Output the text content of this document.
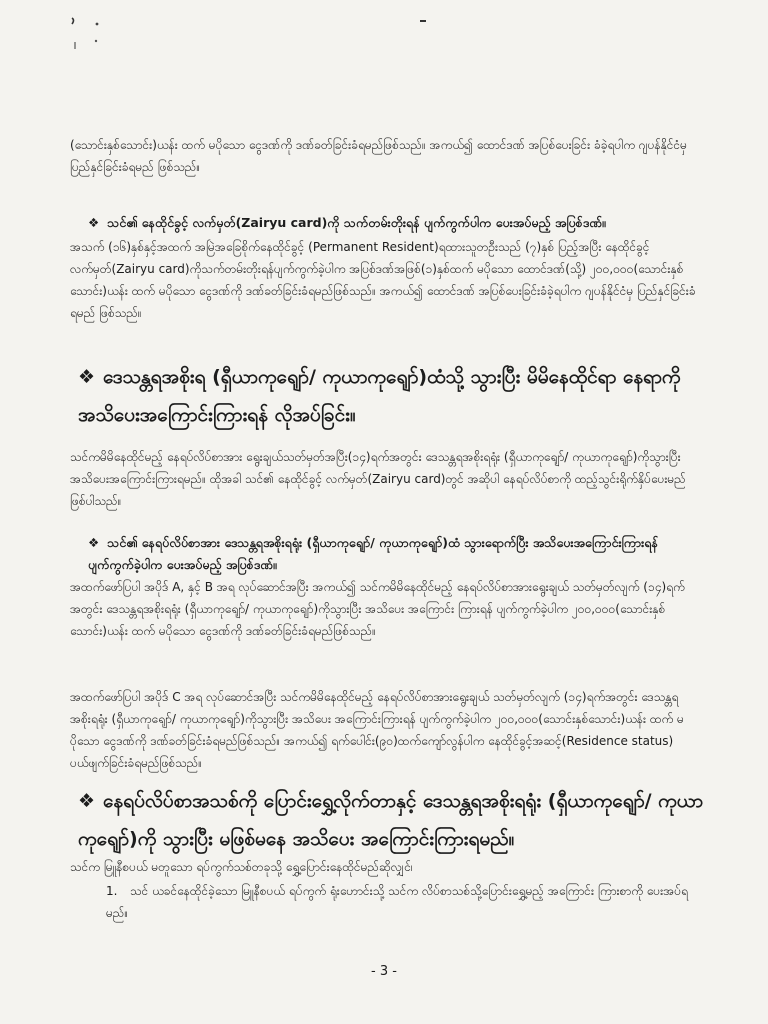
(သောင်းနှစ်သောင်း)ယန်း ထက် မပိုသော ငွေဒဏ်ကို ဒဏ်ခတ်ခြင်းခံရမည်ဖြစ်သည်။ အကယ်၍ ထောင်ဒဏ် အပြစ်ပေးခြင်း ခံခဲ့ရပါက ဂျပန်နိုင်ငံမှ ပြည်နှင်ခြင်းခံရမည် ဖြစ်သည်။

❖ သင်၏ နေထိုင်ခွင့် လက်မှတ်(Zairyu card)ကို သက်တမ်းတိုးရန် ပျက်ကွက်ပါက ပေးအပ်မည့် အပြစ်ဒဏ်။

အသက် (၁၆)နှစ်နှင့်အထက် အမြဲအခြေစိုက်နေထိုင်ခွင့် (Permanent Resident)ရထားသူတဦးသည် (၇)နှစ် ပြည့်အပြီး နေထိုင်ခွင့် လက်မှတ်(Zairyu card)ကိုသက်တမ်းတိုးရန်ပျက်ကွက်ခဲ့ပါက အပြစ်ဒဏ်အဖြစ်(၁)နှစ်ထက် မပိုသော ထောင်ဒဏ်(သို့) ၂၀၀,၀၀၀(သောင်းနှစ်သောင်း)ယန်း ထက် မပိုသော ငွေဒဏ်ကို ဒဏ်ခတ်ခြင်းခံရမည်ဖြစ်သည်။ အကယ်၍ ထောင်ဒဏ် အပြစ်ပေးခြင်းခံခဲ့ရပါက ဂျပန်နိုင်ငံမှ ပြည်နှင်ခြင်းခံရမည် ဖြစ်သည်။

❖ ဒေသန္တရအစိုးရ (ရှီယာကုရျော်/ ကုယာကုရျော်)ထံသို့ သွားပြီး မိမိနေထိုင်ရာ နေရာကို အသိပေးအကြောင်းကြားရန် လိုအပ်ခြင်း။

သင်ကမိမိနေထိုင်မည့် နေရပ်လိပ်စာအား ရွေးချယ်သတ်မှတ်အပြီး(၁၄)ရက်အတွင်း ဒေသန္တရအစိုးရရုံး (ရှီယာကုရျော်/ ကုယာကုရျော်)ကိုသွားပြီး အသိပေးအကြောင်းကြားရမည်။ ထိုအခါ သင်၏ နေထိုင်ခွင့် လက်မှတ်(Zairyu card)တွင် အဆိုပါ နေရပ်လိပ်စာကို ထည့်သွင်းရိုက်နှိပ်ပေးမည်ဖြစ်ပါသည်။

❖ သင်၏ နေရပ်လိပ်စာအား ဒေသန္တရအစိုးရရုံး (ရှီယာကုရျော်/ ကုယာကုရျော်)ထံ သွားရောက်ပြီး အသိပေးအကြောင်းကြားရန် ပျက်ကွက်ခဲ့ပါက ပေးအပ်မည့် အပြစ်ဒဏ်။

အထက်ဖော်ပြပါ အပိုဒ် A, နှင့် B အရ လုပ်ဆောင်အပြီး အကယ်၍ သင်ကမိမိနေထိုင်မည့် နေရပ်လိပ်စာအားရွေးချယ် သတ်မှတ်လျက် (၁၄)ရက်အတွင်း ဒေသန္တရအစိုးရရုံး (ရှီယာကုရျော်/ ကုယာကုရျော်)ကိုသွားပြီး အသိပေး အကြောင်း ကြားရန် ပျက်ကွက်ခဲ့ပါက ၂၀၀,၀၀၀(သောင်းနှစ်သောင်း)ယန်း ထက် မပိုသော ငွေဒဏ်ကို ဒဏ်ခတ်ခြင်းခံရမည်ဖြစ်သည်။

အထက်ဖော်ပြပါ အပိုဒ် C အရ လုပ်ဆောင်အပြီး သင်ကမိမိနေထိုင်မည့် နေရပ်လိပ်စာအားရွေးချယ် သတ်မှတ်လျက် (၁၄)ရက်အတွင်း ဒေသန္တရအစိုးရရုံး (ရှီယာကုရျော်/ ကုယာကုရျော်)ကိုသွားပြီး အသိပေး အကြောင်းကြားရန် ပျက်ကွက်ခဲ့ပါက ၂၀၀,၀၀၀(သောင်းနှစ်သောင်း)ယန်း ထက် မပိုသော ငွေဒဏ်ကို ဒဏ်ခတ်ခြင်းခံရမည်ဖြစ်သည်။ အကယ်၍ ရက်ပေါင်း(၉၀)ထက်ကျော်လွန်ပါက နေထိုင်ခွင့်အဆင့်(Residence status) ပယ်ဖျက်ခြင်းခံရမည်ဖြစ်သည်။

❖ နေရပ်လိပ်စာအသစ်ကို ပြောင်းရွှေ့လိုက်တာနှင့် ဒေသန္တရအစိုးရရုံး (ရှီယာကုရျော်/ ကုယာကုရျော်)ကို သွားပြီး မဖြစ်မနေ အသိပေး အကြောင်းကြားရမည်။

သင်က မြူနီစပယ် မတူသော ရပ်ကွက်သစ်တခုသို့ ရွှေ့ပြောင်းနေထိုင်မည်ဆိုလျှင်၊

1. သင် ယခင်နေထိုင်ခဲ့သော မြူနီစပယ် ရပ်ကွက် ရုံးဟောင်းသို့ သင်က လိပ်စာသစ်သို့ပြောင်းရွှေ့မည့် အကြောင်း ကြားစာကို ပေးအပ်ရမည်။

- 3 -
